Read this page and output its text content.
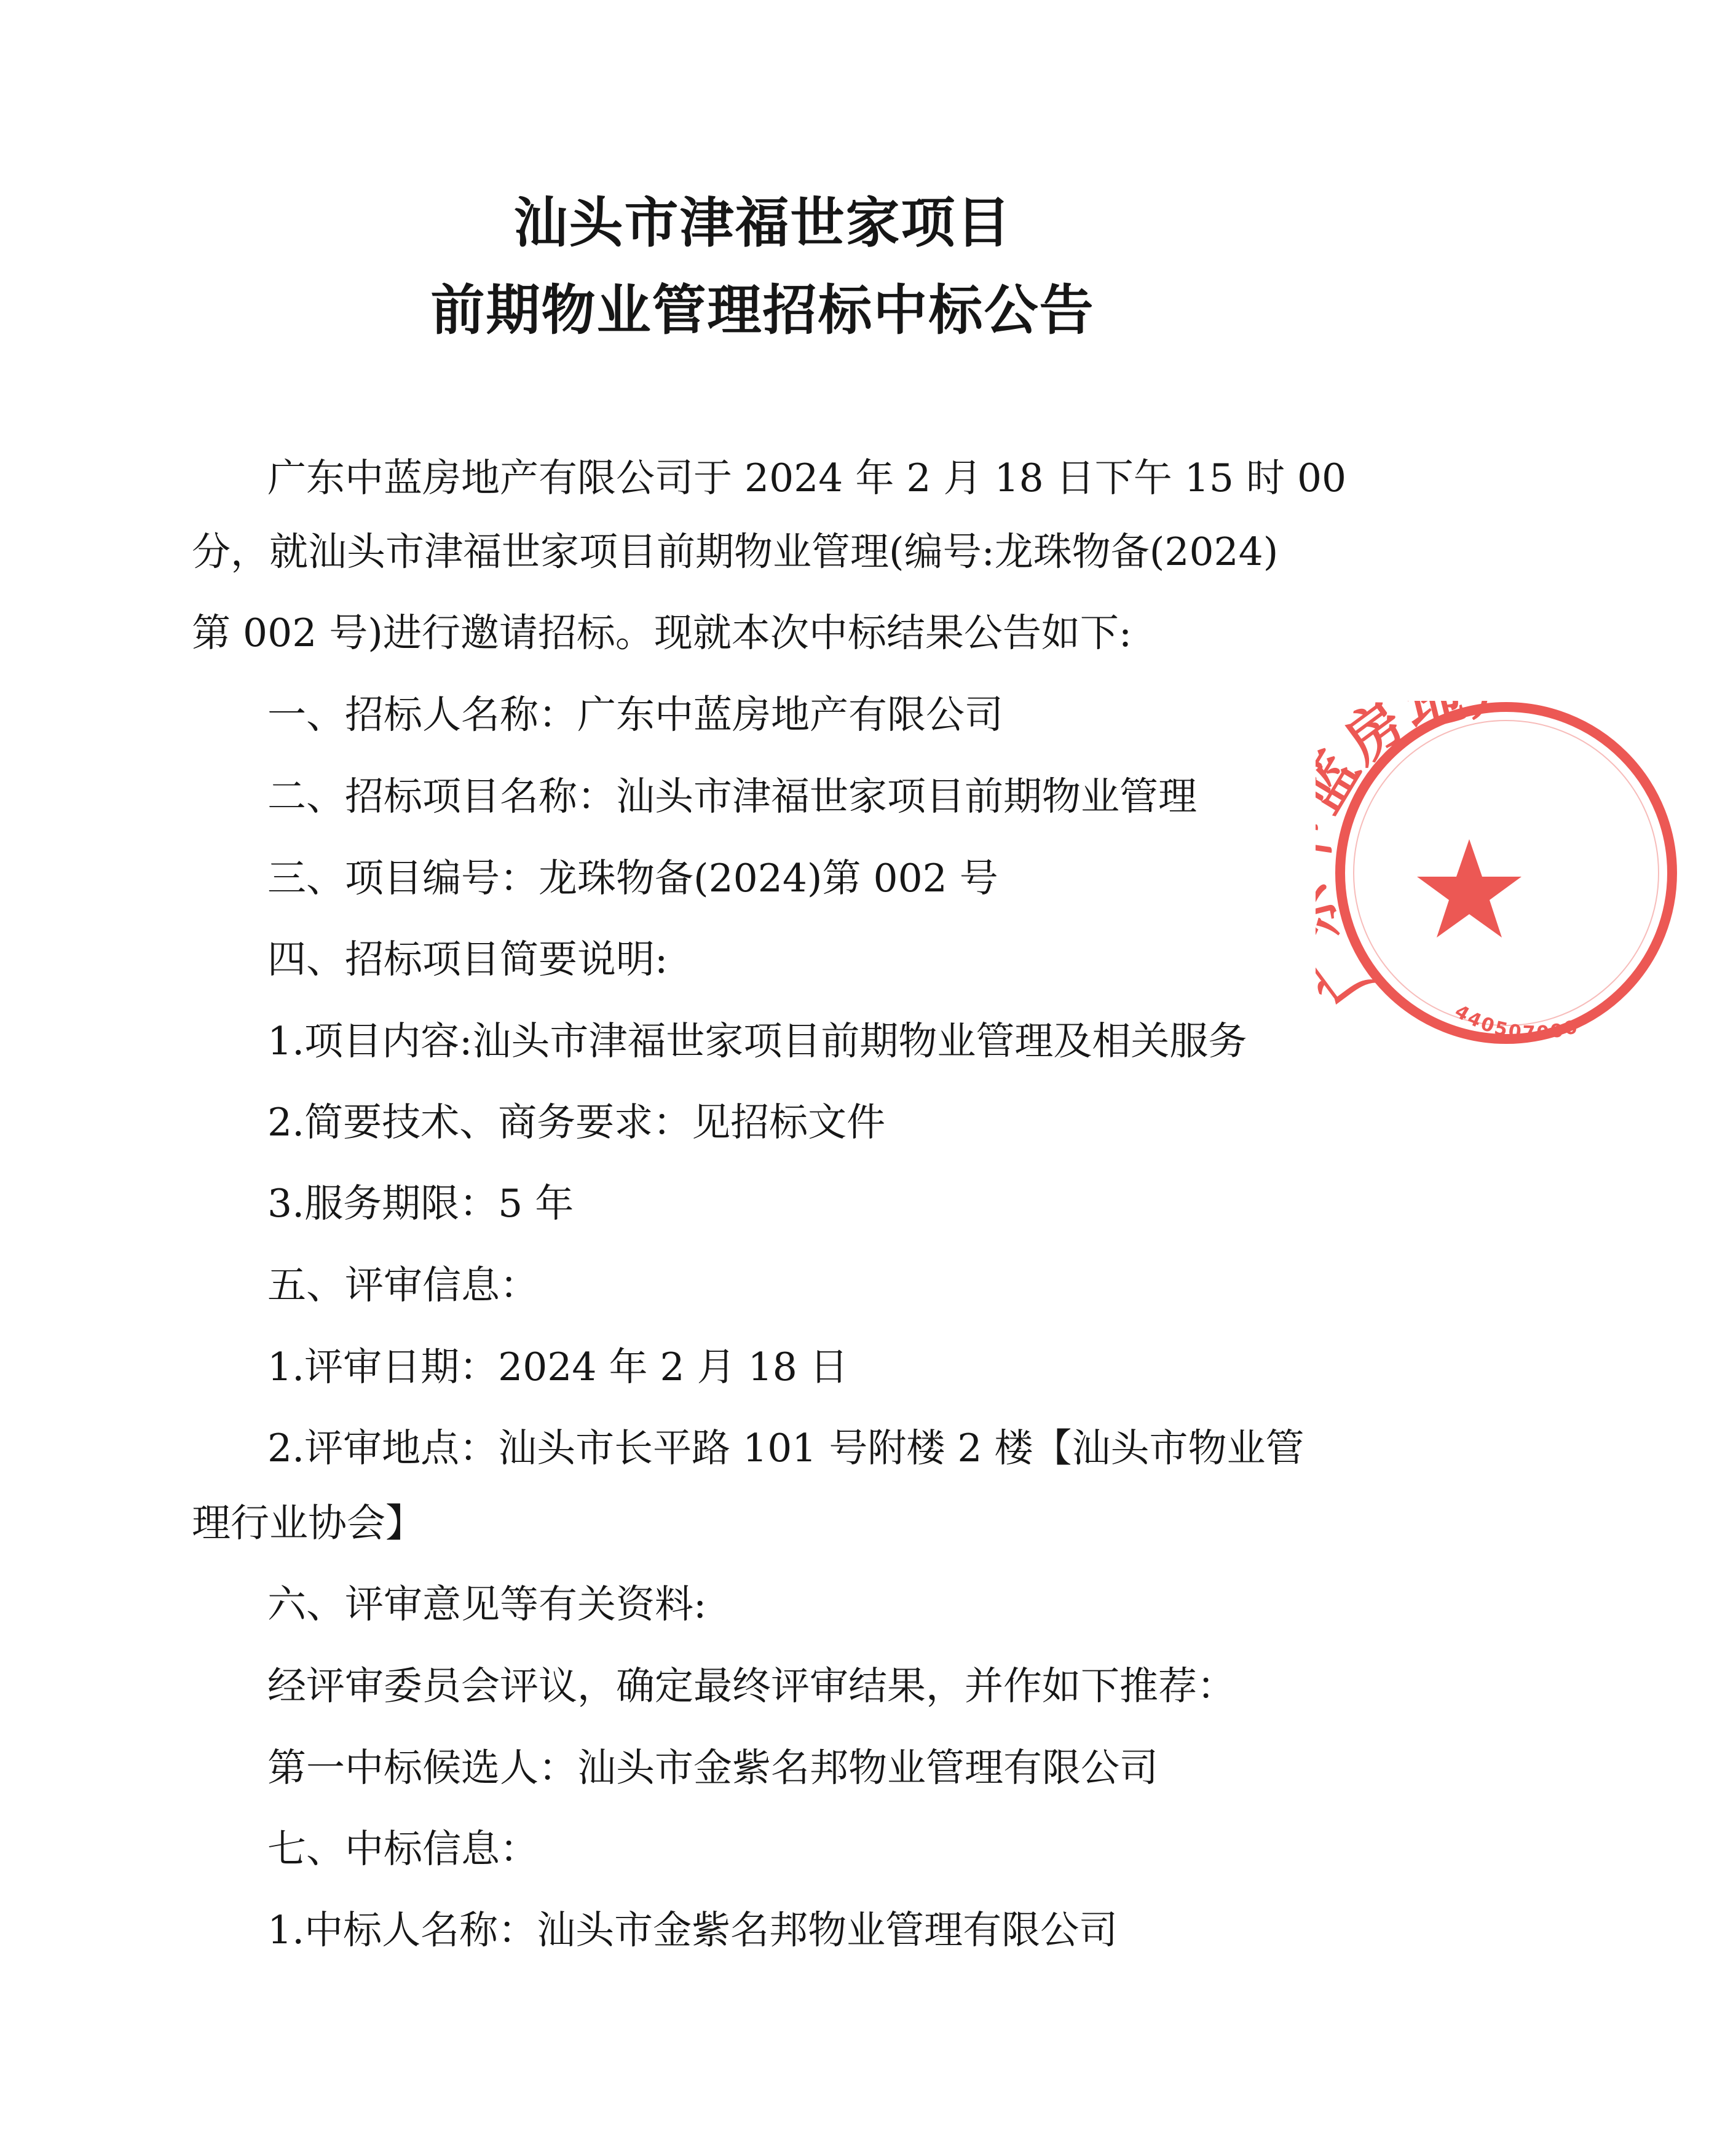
汕头市津福世家项目
前期物业管理招标中标公告
广东中蓝房地产有限公司于 2024 年 2 月 18 日下午 15 时 00
分，就汕头市津福世家项目前期物业管理(编号:龙珠物备(2024)
第 002 号)进行邀请招标。现就本次中标结果公告如下:
一、招标人名称：广东中蓝房地产有限公司
二、招标项目名称：汕头市津福世家项目前期物业管理
三、项目编号：龙珠物备(2024)第 002 号
四、招标项目简要说明:
1.项目内容:汕头市津福世家项目前期物业管理及相关服务
2.简要技术、商务要求：见招标文件
3.服务期限：5 年
五、评审信息：
1.评审日期：2024 年 2 月 18 日
2.评审地点：汕头市长平路 101 号附楼 2 楼【汕头市物业管
理行业协会】
六、评审意见等有关资料:
经评审委员会评议，确定最终评审结果，并作如下推荐：
第一中标候选人：汕头市金紫名邦物业管理有限公司
七、中标信息：
1.中标人名称：汕头市金紫名邦物业管理有限公司
房地
440507000
